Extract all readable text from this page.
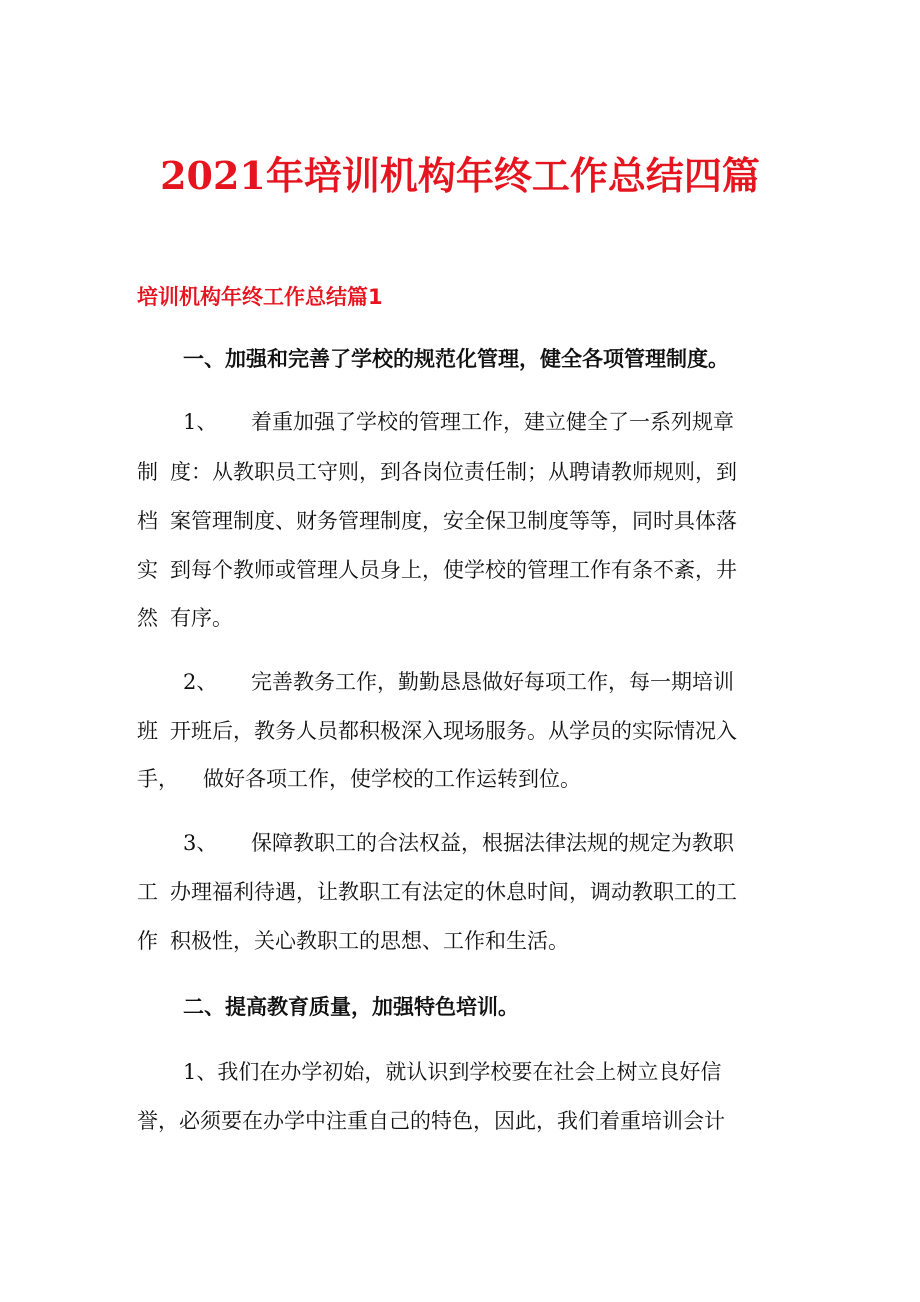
2021年培训机构年终工作总结四篇
培训机构年终工作总结篇1

一、加强和完善了学校的规范化管理，健全各项管理制度。

1、 着重加强了学校的管理工作，建立健全了一系列规章

制 度：从教职员工守则，到各岗位责任制；从聘请教师规则，到

档 案管理制度、财务管理制度，安全保卫制度等等，同时具体落

实 到每个教师或管理人员身上，使学校的管理工作有条不紊，井

然 有序。

2、 完善教务工作，勤勤恳恳做好每项工作，每一期培训

班 开班后，教务人员都积极深入现场服务。从学员的实际情况入

手， 做好各项工作，使学校的工作运转到位。

3、 保障教职工的合法权益，根据法律法规的规定为教职

工 办理福利待遇，让教职工有法定的休息时间，调动教职工的工

作 积极性，关心教职工的思想、工作和生活。

二、提高教育质量，加强特色培训。

1、我们在办学初始，就认识到学校要在社会上树立良好信

誉，必须要在办学中注重自己的特色，因此，我们着重培训会计
